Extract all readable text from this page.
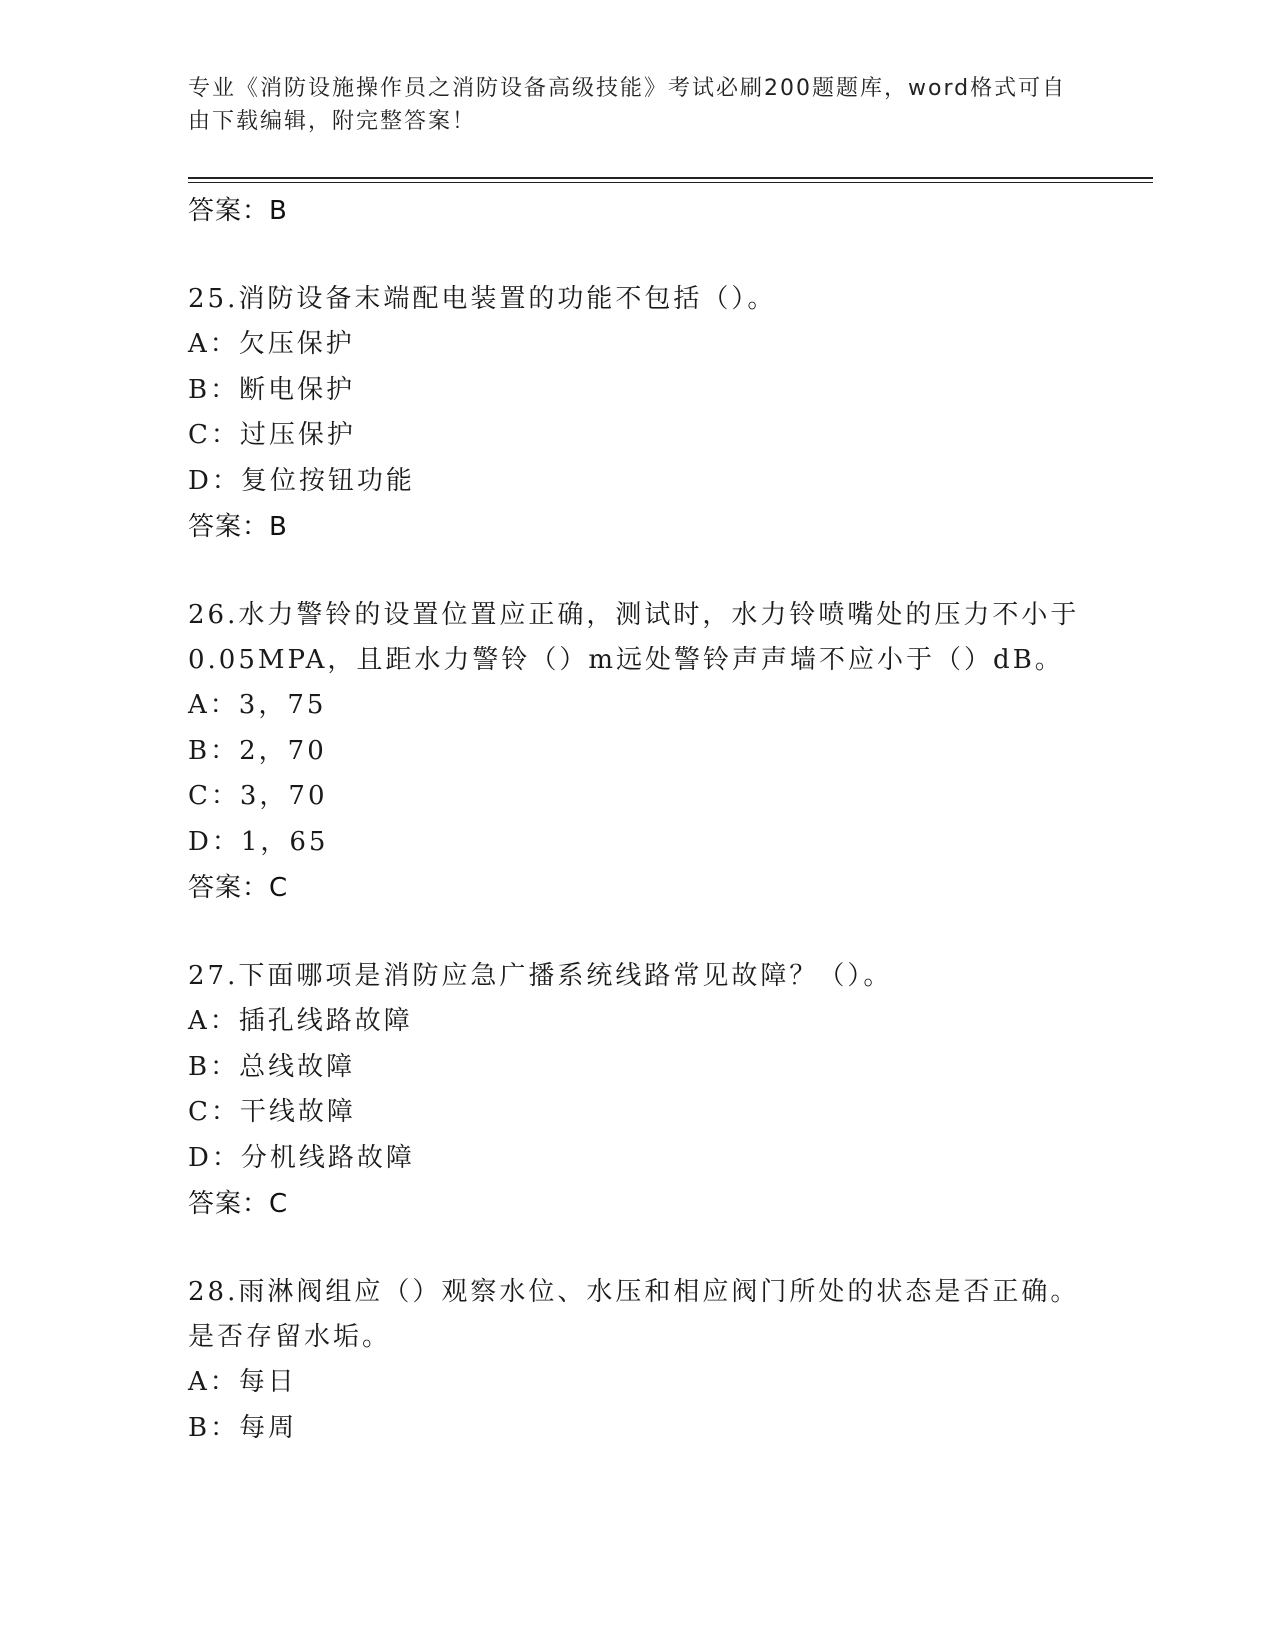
专业《消防设施操作员之消防设备高级技能》考试必刷200题题库，word格式可自由下载编辑，附完整答案！
答案：B
25.消防设备末端配电装置的功能不包括（）。
A：欠压保护
B：断电保护
C：过压保护
D：复位按钮功能
答案：B
26.水力警铃的设置位置应正确，测试时，水力铃喷嘴处的压力不小于0.05MPA，且距水力警铃（）m远处警铃声声墙不应小于（）dB。
A：3，75
B：2，70
C：3，70
D：1，65
答案：C
27.下面哪项是消防应急广播系统线路常见故障？（）。
A：插孔线路故障
B：总线故障
C：干线故障
D：分机线路故障
答案：C
28.雨淋阀组应（）观察水位、水压和相应阀门所处的状态是否正确。是否存留水垢。
A：每日
B：每周
